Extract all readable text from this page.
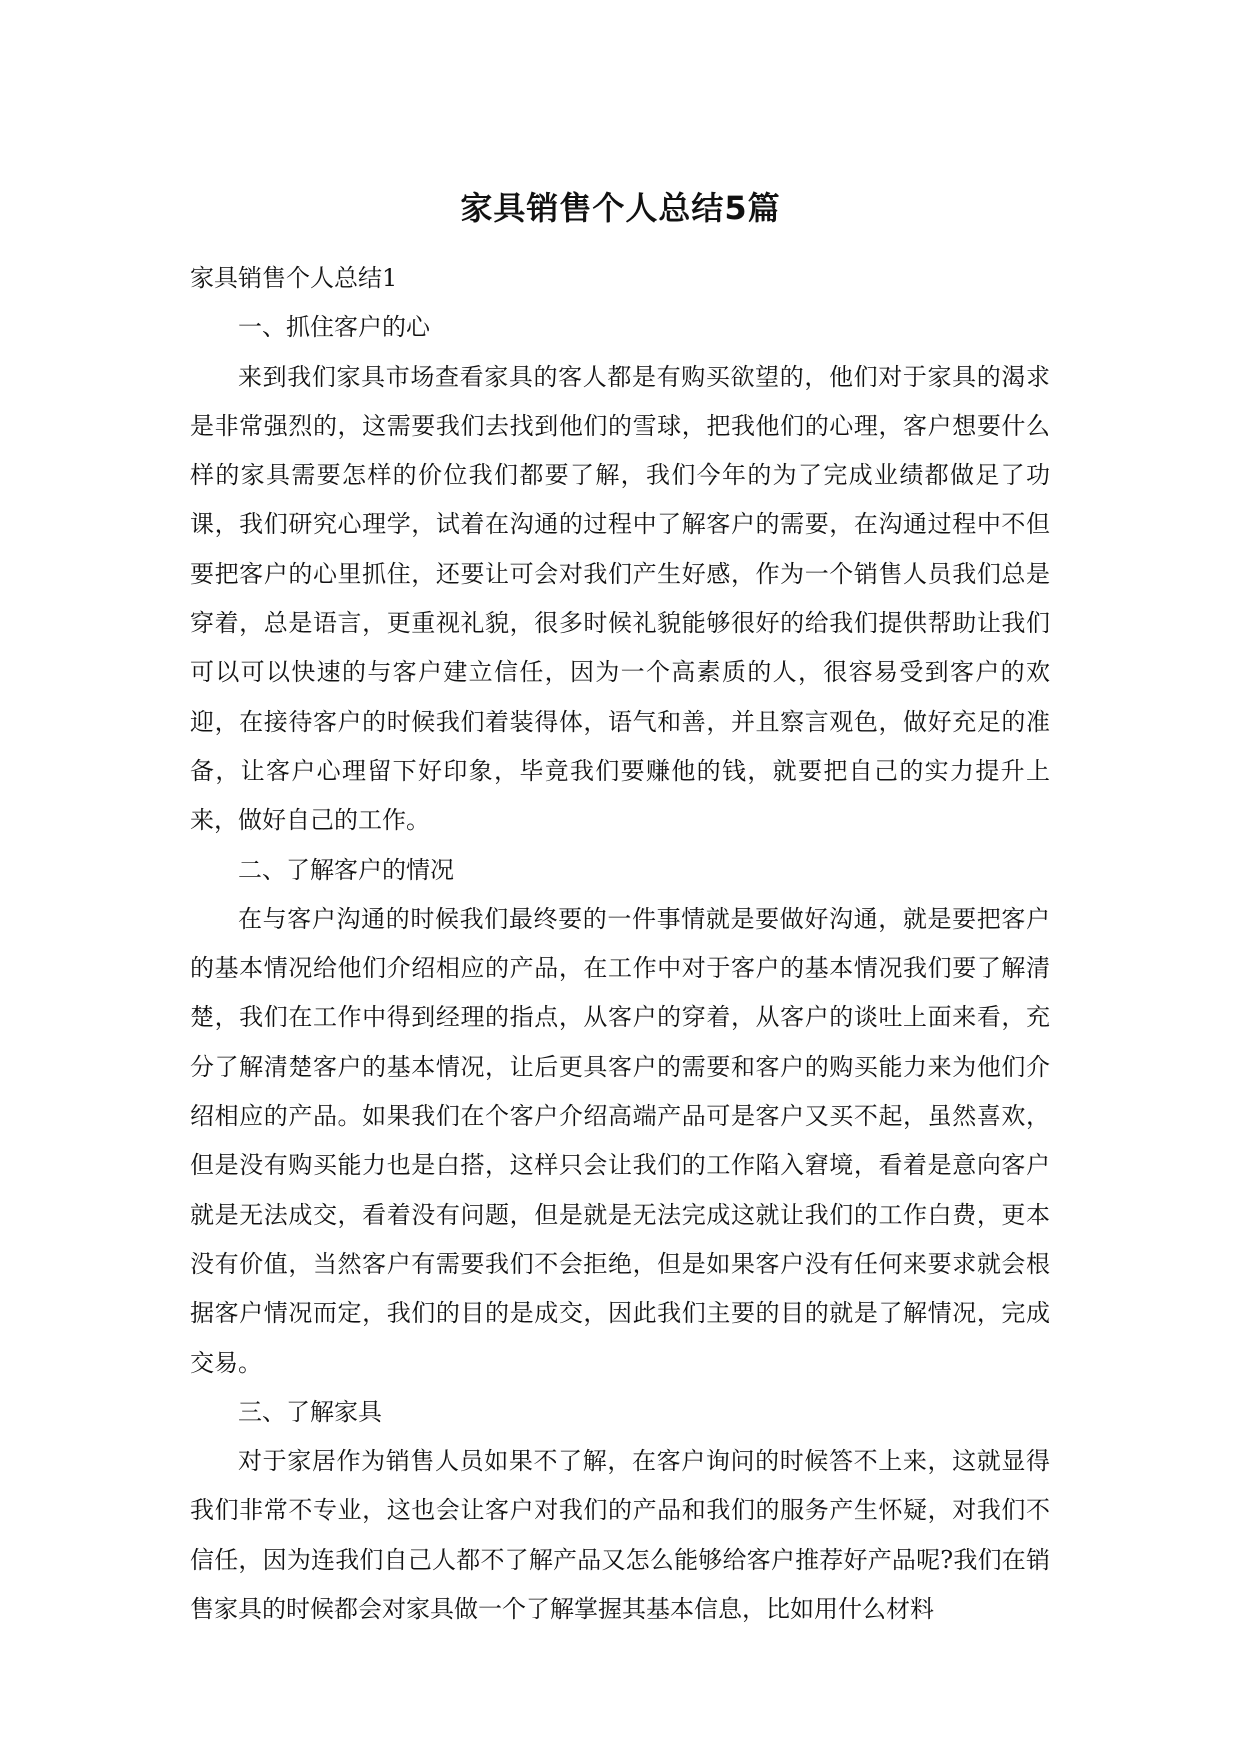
家具销售个人总结5篇

家具销售个人总结1

一、抓住客户的心

来到我们家具市场查看家具的客人都是有购买欲望的，他们对于家具的渴求是非常强烈的，这需要我们去找到他们的雪球，把我他们的心理，客户想要什么样的家具需要怎样的价位我们都要了解，我们今年的为了完成业绩都做足了功课，我们研究心理学，试着在沟通的过程中了解客户的需要，在沟通过程中不但要把客户的心里抓住，还要让可会对我们产生好感，作为一个销售人员我们总是穿着，总是语言，更重视礼貌，很多时候礼貌能够很好的给我们提供帮助让我们可以可以快速的与客户建立信任，因为一个高素质的人，很容易受到客户的欢迎，在接待客户的时候我们着装得体，语气和善，并且察言观色，做好充足的准备，让客户心理留下好印象，毕竟我们要赚他的钱，就要把自己的实力提升上来，做好自己的工作。

二、了解客户的情况

在与客户沟通的时候我们最终要的一件事情就是要做好沟通，就是要把客户的基本情况给他们介绍相应的产品，在工作中对于客户的基本情况我们要了解清楚，我们在工作中得到经理的指点，从客户的穿着，从客户的谈吐上面来看，充分了解清楚客户的基本情况，让后更具客户的需要和客户的购买能力来为他们介绍相应的产品。如果我们在个客户介绍高端产品可是客户又买不起，虽然喜欢，但是没有购买能力也是白搭，这样只会让我们的工作陷入窘境，看着是意向客户就是无法成交，看着没有问题，但是就是无法完成这就让我们的工作白费，更本没有价值，当然客户有需要我们不会拒绝，但是如果客户没有任何来要求就会根据客户情况而定，我们的目的是成交，因此我们主要的目的就是了解情况，完成交易。

三、了解家具

对于家居作为销售人员如果不了解，在客户询问的时候答不上来，这就显得我们非常不专业，这也会让客户对我们的产品和我们的服务产生怀疑，对我们不信任，因为连我们自己人都不了解产品又怎么能够给客户推荐好产品呢?我们在销售家具的时候都会对家具做一个了解掌握其基本信息，比如用什么材料
